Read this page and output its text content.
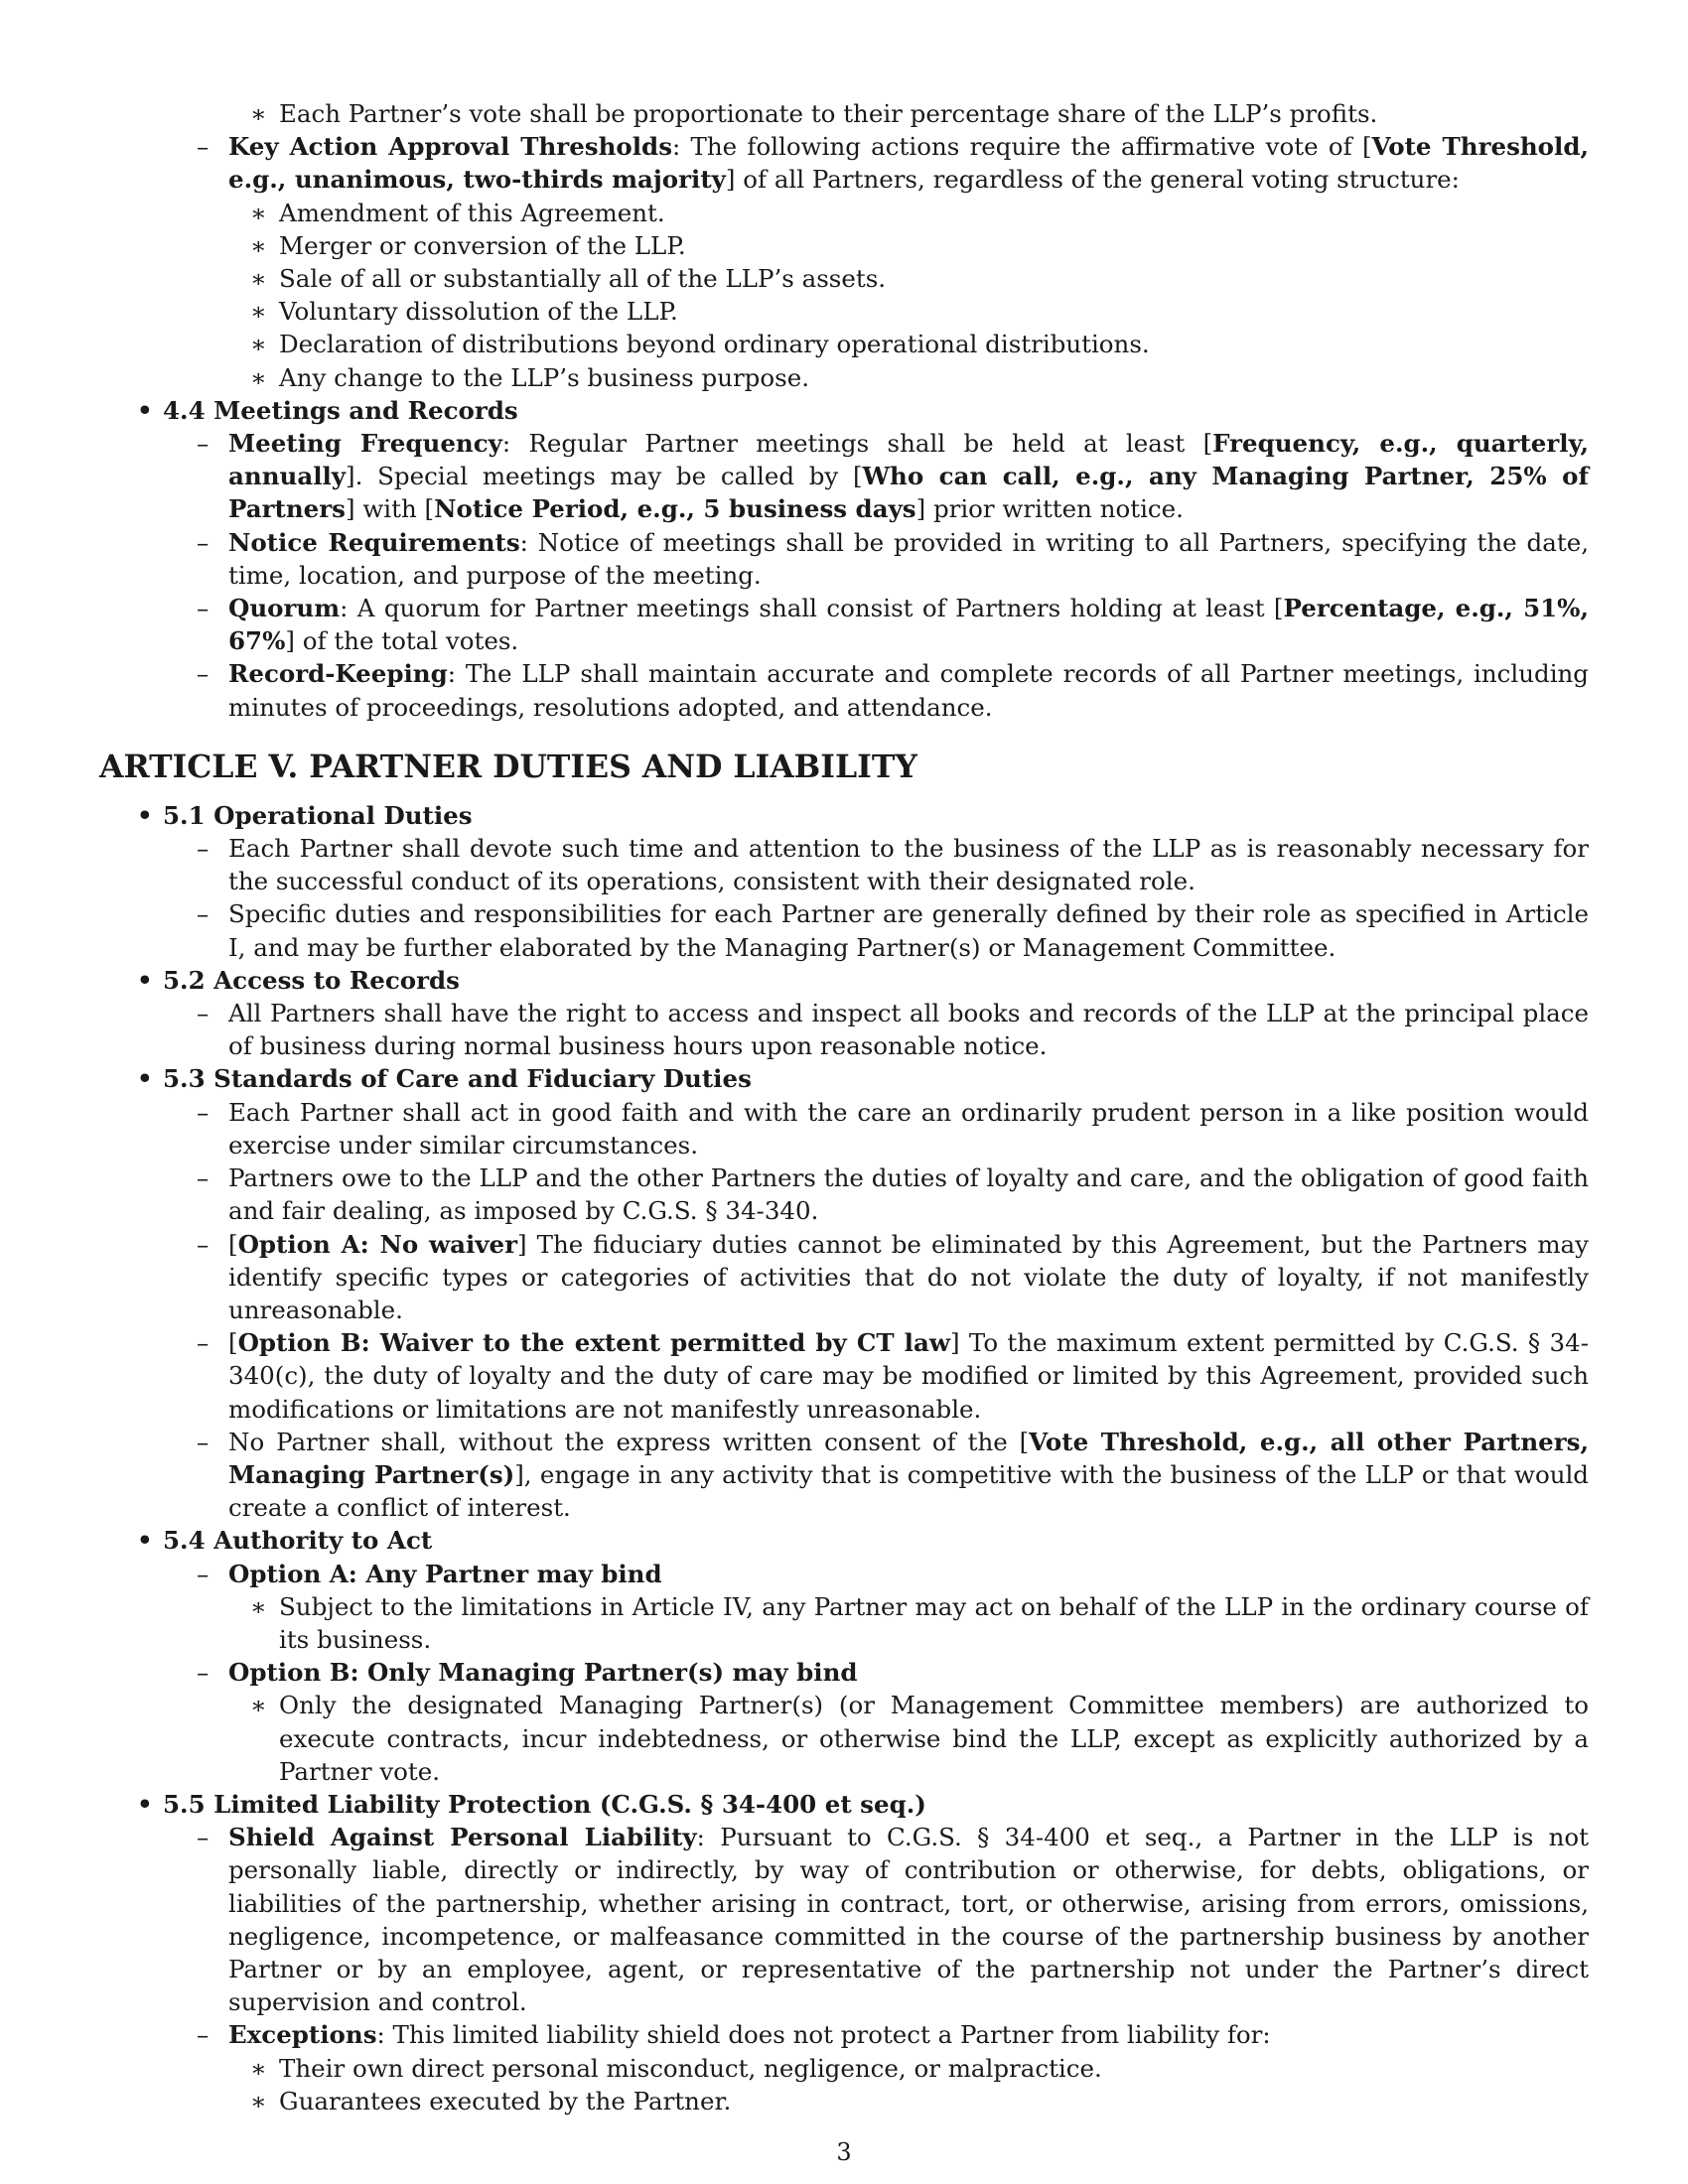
∗ Each Partner’s vote shall be proportionate to their percentage share of the LLP’s profits.
– Key Action Approval Thresholds: The following actions require the affirmative vote of [Vote Threshold, e.g., unanimous, two-thirds majority] of all Partners, regardless of the general voting structure:
∗ Amendment of this Agreement.
∗ Merger or conversion of the LLP.
∗ Sale of all or substantially all of the LLP’s assets.
∗ Voluntary dissolution of the LLP.
∗ Declaration of distributions beyond ordinary operational distributions.
∗ Any change to the LLP’s business purpose.
• 4.4 Meetings and Records
– Meeting Frequency: Regular Partner meetings shall be held at least [Frequency, e.g., quarterly, annually]. Special meetings may be called by [Who can call, e.g., any Managing Partner, 25% of Partners] with [Notice Period, e.g., 5 business days] prior written notice.
– Notice Requirements: Notice of meetings shall be provided in writing to all Partners, specifying the date, time, location, and purpose of the meeting.
– Quorum: A quorum for Partner meetings shall consist of Partners holding at least [Percentage, e.g., 51%, 67%] of the total votes.
– Record-Keeping: The LLP shall maintain accurate and complete records of all Partner meetings, including minutes of proceedings, resolutions adopted, and attendance.
ARTICLE V. PARTNER DUTIES AND LIABILITY
• 5.1 Operational Duties
– Each Partner shall devote such time and attention to the business of the LLP as is reasonably necessary for the successful conduct of its operations, consistent with their designated role.
– Specific duties and responsibilities for each Partner are generally defined by their role as specified in Article I, and may be further elaborated by the Managing Partner(s) or Management Committee.
• 5.2 Access to Records
– All Partners shall have the right to access and inspect all books and records of the LLP at the principal place of business during normal business hours upon reasonable notice.
• 5.3 Standards of Care and Fiduciary Duties
– Each Partner shall act in good faith and with the care an ordinarily prudent person in a like position would exercise under similar circumstances.
– Partners owe to the LLP and the other Partners the duties of loyalty and care, and the obligation of good faith and fair dealing, as imposed by C.G.S. § 34-340.
– [Option A: No waiver] The fiduciary duties cannot be eliminated by this Agreement, but the Partners may identify specific types or categories of activities that do not violate the duty of loyalty, if not manifestly unreasonable.
– [Option B: Waiver to the extent permitted by CT law] To the maximum extent permitted by C.G.S. § 34-340(c), the duty of loyalty and the duty of care may be modified or limited by this Agreement, provided such modifications or limitations are not manifestly unreasonable.
– No Partner shall, without the express written consent of the [Vote Threshold, e.g., all other Partners, Managing Partner(s)], engage in any activity that is competitive with the business of the LLP or that would create a conflict of interest.
• 5.4 Authority to Act
– Option A: Any Partner may bind
∗ Subject to the limitations in Article IV, any Partner may act on behalf of the LLP in the ordinary course of its business.
– Option B: Only Managing Partner(s) may bind
∗ Only the designated Managing Partner(s) (or Management Committee members) are authorized to execute contracts, incur indebtedness, or otherwise bind the LLP, except as explicitly authorized by a Partner vote.
• 5.5 Limited Liability Protection (C.G.S. § 34-400 et seq.)
– Shield Against Personal Liability: Pursuant to C.G.S. § 34-400 et seq., a Partner in the LLP is not personally liable, directly or indirectly, by way of contribution or otherwise, for debts, obligations, or liabilities of the partnership, whether arising in contract, tort, or otherwise, arising from errors, omissions, negligence, incompetence, or malfeasance committed in the course of the partnership business by another Partner or by an employee, agent, or representative of the partnership not under the Partner’s direct supervision and control.
– Exceptions: This limited liability shield does not protect a Partner from liability for:
∗ Their own direct personal misconduct, negligence, or malpractice.
∗ Guarantees executed by the Partner.
3
